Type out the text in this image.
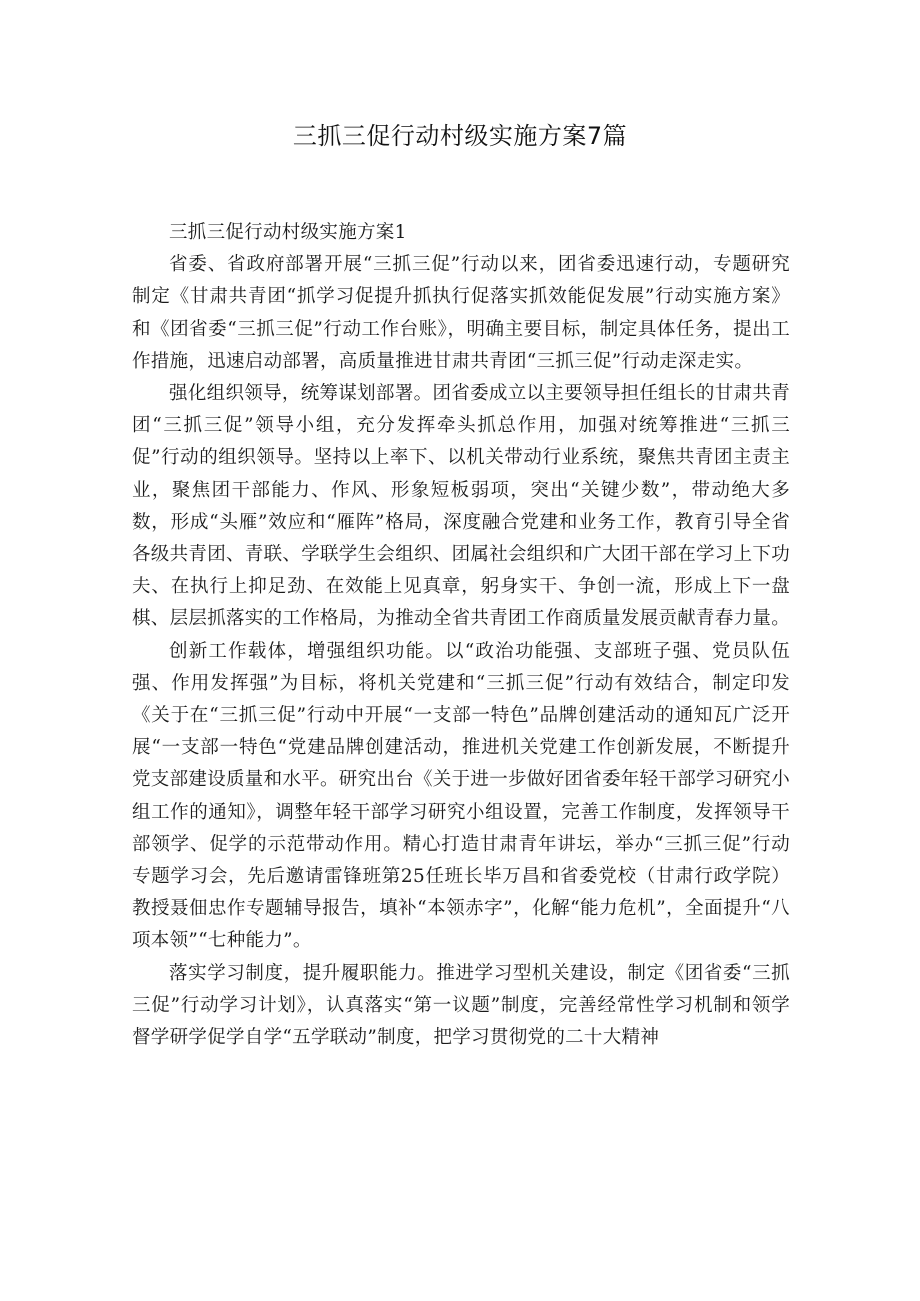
三抓三促行动村级实施方案7篇

三抓三促行动村级实施方案1

省委、省政府部署开展“三抓三促”行动以来，团省委迅速行动，专题研究制定《甘肃共青团“抓学习促提升抓执行促落实抓效能促发展”行动实施方案》和《团省委“三抓三促”行动工作台账》，明确主要目标，制定具体任务，提出工作措施，迅速启动部署，高质量推进甘肃共青团“三抓三促”行动走深走实。

强化组织领导，统筹谋划部署。团省委成立以主要领导担任组长的甘肃共青团“三抓三促”领导小组，充分发挥牵头抓总作用，加强对统筹推进“三抓三促”行动的组织领导。坚持以上率下、以机关带动行业系统，聚焦共青团主责主业，聚焦团干部能力、作风、形象短板弱项，突出“关键少数”，带动绝大多数，形成“头雁”效应和“雁阵”格局，深度融合党建和业务工作，教育引导全省各级共青团、青联、学联学生会组织、团属社会组织和广大团干部在学习上下功夫、在执行上抑足劲、在效能上见真章，躬身实干、争创一流，形成上下一盘棋、层层抓落实的工作格局，为推动全省共青团工作商质量发展贡献青春力量。

创新工作载体，增强组织功能。以“政治功能强、支部班子强、党员队伍强、作用发挥强”为目标，将机关党建和“三抓三促”行动有效结合，制定印发《关于在“三抓三促”行动中开展“一支部一特色”品牌创建活动的通知瓦广泛开展“一支部一特色“党建品牌创建活动，推进机关党建工作创新发展，不断提升党支部建设质量和水平。研究出台《关于进一步做好团省委年轻干部学习研究小组工作的通知》，调整年轻干部学习研究小组设置，完善工作制度，发挥领导干部领学、促学的示范带动作用。精心打造甘肃青年讲坛，举办“三抓三促”行动专题学习会，先后邀请雷锋班第25任班长毕万昌和省委党校（甘肃行政学院）教授聂佃忠作专题辅导报告，填补“本领赤字”，化解“能力危机”，全面提升“八项本领”“七种能力”。

落实学习制度，提升履职能力。推进学习型机关建设，制定《团省委“三抓三促”行动学习计划》，认真落实“第一议题”制度，完善经常性学习机制和领学督学研学促学自学“五学联动”制度，把学习贯彻党的二十大精神
